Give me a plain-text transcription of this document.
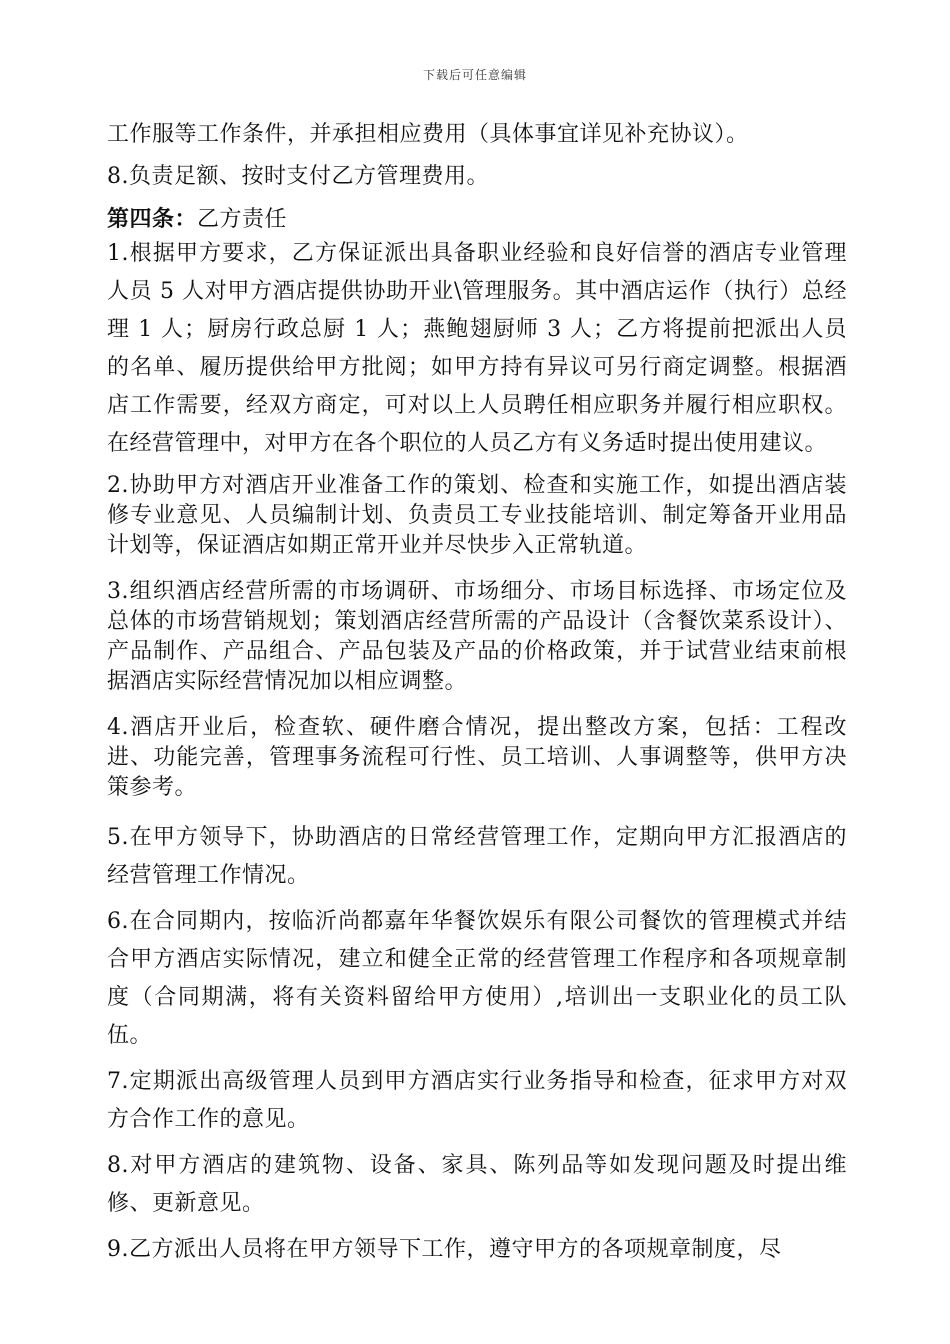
下载后可任意编辑

工作服等工作条件，并承担相应费用（具体事宜详见补充协议）。

8.负责足额、按时支付乙方管理费用。

第四条：乙方责任

1.根据甲方要求，乙方保证派出具备职业经验和良好信誉的酒店专业管理人员 5 人对甲方酒店提供协助开业\管理服务。其中酒店运作（执行）总经理 1 人；厨房行政总厨 1 人；燕鲍翅厨师 3 人；乙方将提前把派出人员的名单、履历提供给甲方批阅；如甲方持有异议可另行商定调整。根据酒店工作需要，经双方商定，可对以上人员聘任相应职务并履行相应职权。在经营管理中，对甲方在各个职位的人员乙方有义务适时提出使用建议。

2.协助甲方对酒店开业准备工作的策划、检查和实施工作，如提出酒店装修专业意见、人员编制计划、负责员工专业技能培训、制定筹备开业用品计划等，保证酒店如期正常开业并尽快步入正常轨道。

3.组织酒店经营所需的市场调研、市场细分、市场目标选择、市场定位及总体的市场营销规划；策划酒店经营所需的产品设计（含餐饮菜系设计）、产品制作、产品组合、产品包装及产品的价格政策，并于试营业结束前根据酒店实际经营情况加以相应调整。

4.酒店开业后，检查软、硬件磨合情况，提出整改方案，包括：工程改进、功能完善，管理事务流程可行性、员工培训、人事调整等，供甲方决策参考。

5.在甲方领导下，协助酒店的日常经营管理工作，定期向甲方汇报酒店的经营管理工作情况。

6.在合同期内，按临沂尚都嘉年华餐饮娱乐有限公司餐饮的管理模式并结合甲方酒店实际情况，建立和健全正常的经营管理工作程序和各项规章制度（合同期满，将有关资料留给甲方使用）,培训出一支职业化的员工队伍。

7.定期派出高级管理人员到甲方酒店实行业务指导和检查，征求甲方对双方合作工作的意见。

8.对甲方酒店的建筑物、设备、家具、陈列品等如发现问题及时提出维修、更新意见。

9.乙方派出人员将在甲方领导下工作，遵守甲方的各项规章制度，尽
